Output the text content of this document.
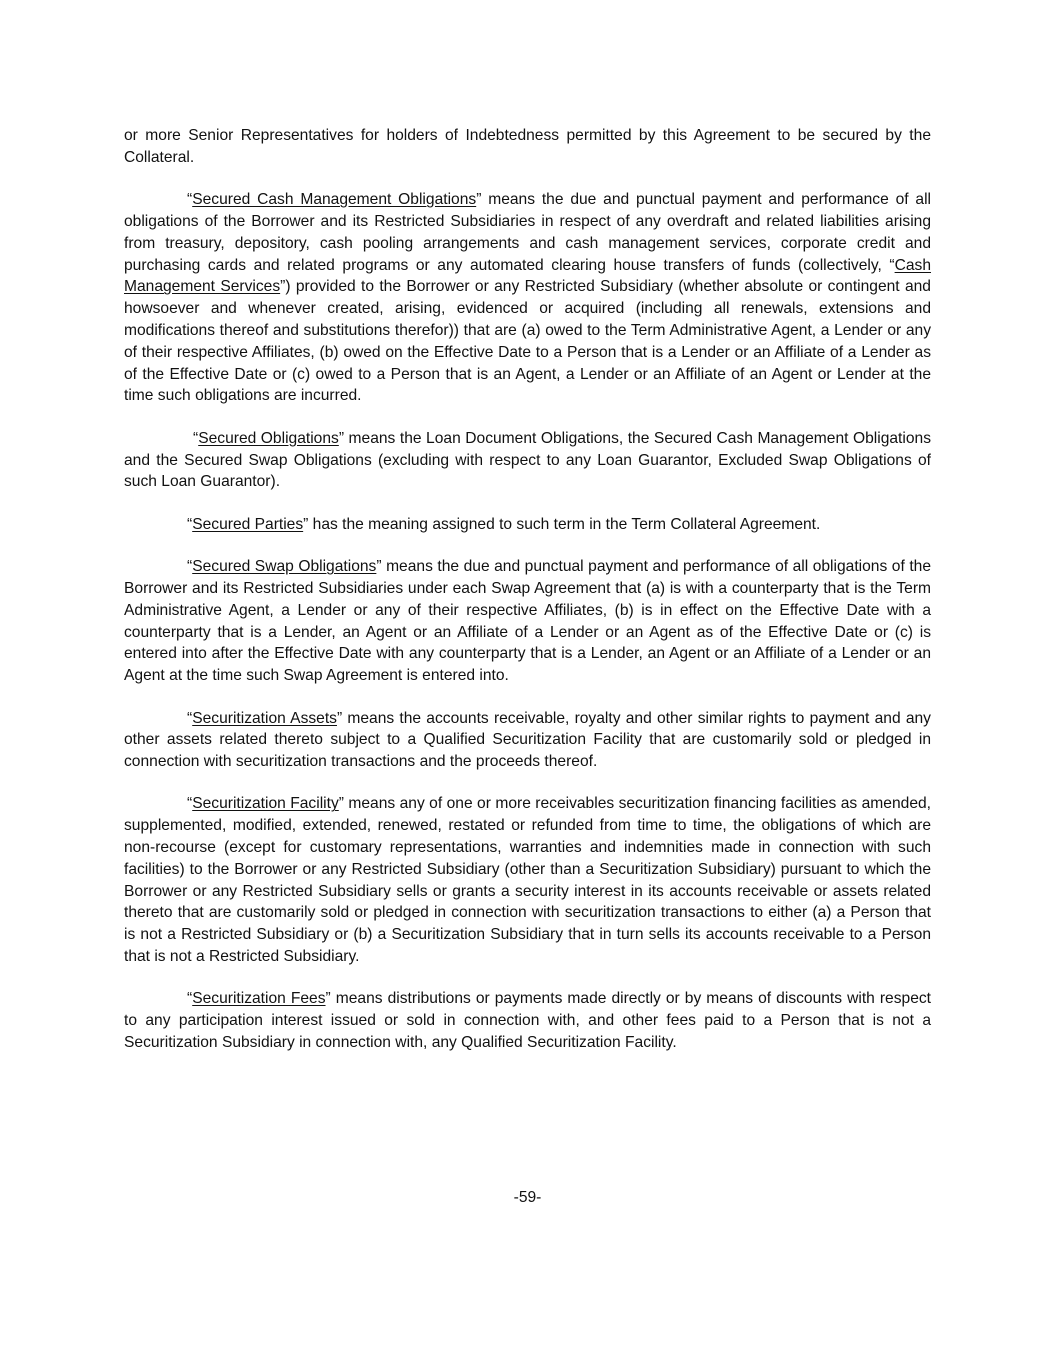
or more Senior Representatives for holders of Indebtedness permitted by this Agreement to be secured by the Collateral.

“Secured Cash Management Obligations” means the due and punctual payment and performance of all obligations of the Borrower and its Restricted Subsidiaries in respect of any overdraft and related liabilities arising from treasury, depository, cash pooling arrangements and cash management services, corporate credit and purchasing cards and related programs or any automated clearing house transfers of funds (collectively, “Cash Management Services”) provided to the Borrower or any Restricted Subsidiary (whether absolute or contingent and howsoever and whenever created, arising, evidenced or acquired (including all renewals, extensions and modifications thereof and substitutions therefor)) that are (a) owed to the Term Administrative Agent, a Lender or any of their respective Affiliates, (b) owed on the Effective Date to a Person that is a Lender or an Affiliate of a Lender as of the Effective Date or (c) owed to a Person that is an Agent, a Lender or an Affiliate of an Agent or Lender at the time such obligations are incurred.

“Secured Obligations” means the Loan Document Obligations, the Secured Cash Management Obligations and the Secured Swap Obligations (excluding with respect to any Loan Guarantor, Excluded Swap Obligations of such Loan Guarantor).

“Secured Parties” has the meaning assigned to such term in the Term Collateral Agreement.

“Secured Swap Obligations” means the due and punctual payment and performance of all obligations of the Borrower and its Restricted Subsidiaries under each Swap Agreement that (a) is with a counterparty that is the Term Administrative Agent, a Lender or any of their respective Affiliates, (b) is in effect on the Effective Date with a counterparty that is a Lender, an Agent or an Affiliate of a Lender or an Agent as of the Effective Date or (c) is entered into after the Effective Date with any counterparty that is a Lender, an Agent or an Affiliate of a Lender or an Agent at the time such Swap Agreement is entered into.

“Securitization Assets” means the accounts receivable, royalty and other similar rights to payment and any other assets related thereto subject to a Qualified Securitization Facility that are customarily sold or pledged in connection with securitization transactions and the proceeds thereof.

“Securitization Facility” means any of one or more receivables securitization financing facilities as amended, supplemented, modified, extended, renewed, restated or refunded from time to time, the obligations of which are non-recourse (except for customary representations, warranties and indemnities made in connection with such facilities) to the Borrower or any Restricted Subsidiary (other than a Securitization Subsidiary) pursuant to which the Borrower or any Restricted Subsidiary sells or grants a security interest in its accounts receivable or assets related thereto that are customarily sold or pledged in connection with securitization transactions to either (a) a Person that is not a Restricted Subsidiary or (b) a Securitization Subsidiary that in turn sells its accounts receivable to a Person that is not a Restricted Subsidiary.

“Securitization Fees” means distributions or payments made directly or by means of discounts with respect to any participation interest issued or sold in connection with, and other fees paid to a Person that is not a Securitization Subsidiary in connection with, any Qualified Securitization Facility.

-59-
